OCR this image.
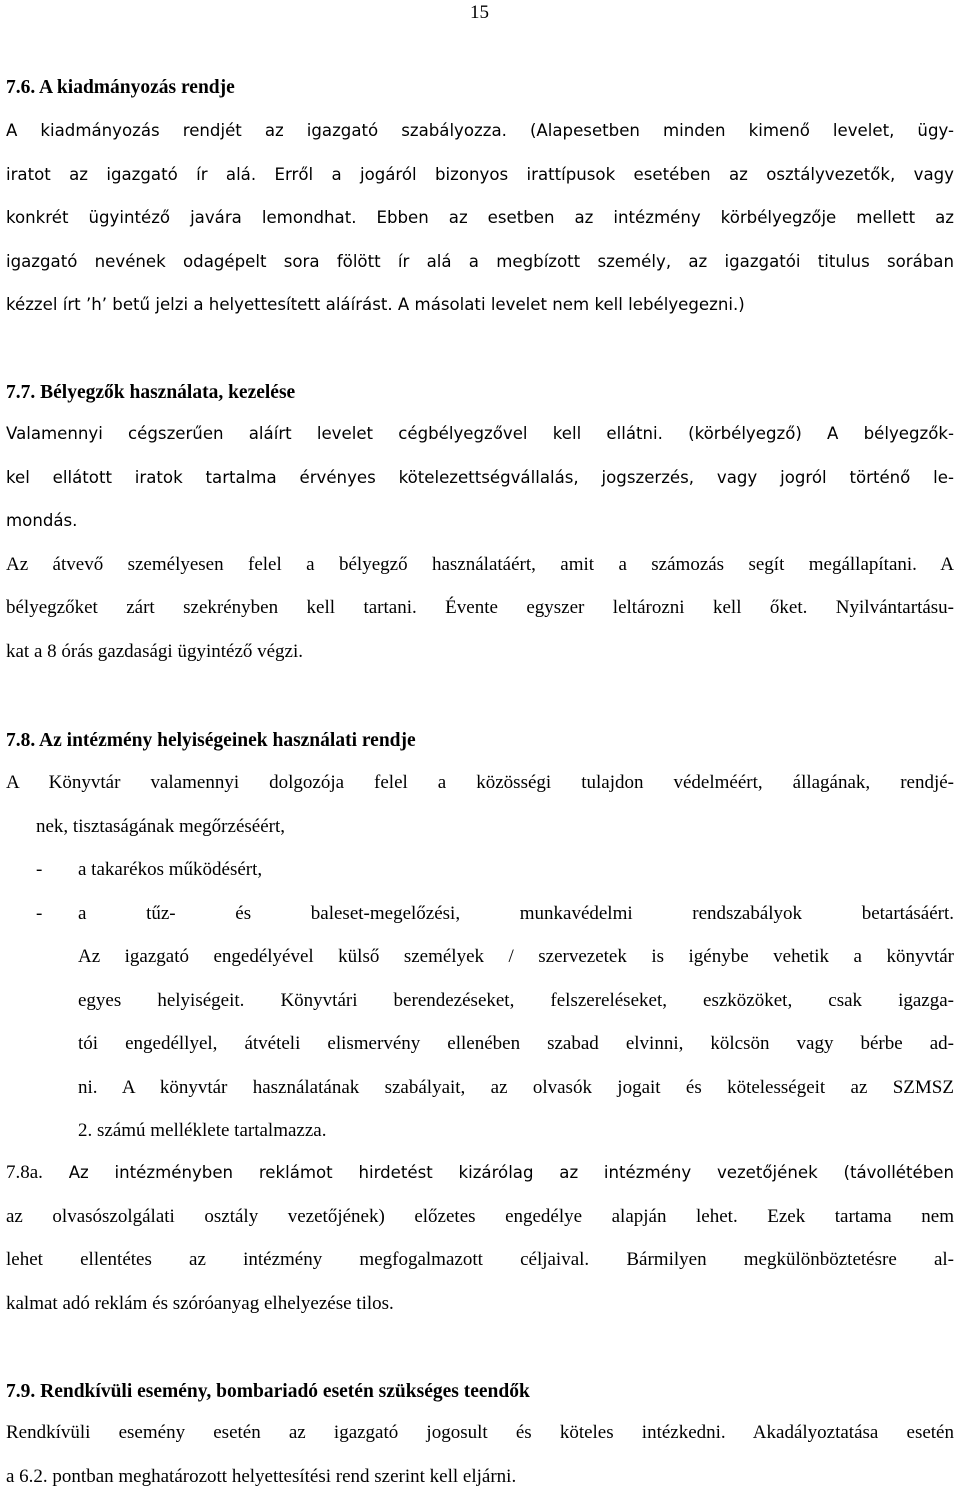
15
7.6. A kiadmányozás rendje
A kiadmányozás rendjét az igazgató szabályozza. (Alapesetben minden kimenő levelet, ügy-
iratot az igazgató ír alá. Erről a jogáról bizonyos irattípusok esetében az osztályvezetők, vagy
konkrét ügyintéző javára lemondhat. Ebben az esetben az intézmény körbélyegzője mellett az
igazgató nevének odagépelt sora fölött ír alá a megbízott személy, az igazgatói titulus sorában
kézzel írt ’h’ betű jelzi a helyettesített aláírást. A másolati levelet nem kell lebélyegezni.)
7.7. Bélyegzők használata, kezelése
Valamennyi cégszerűen aláírt levelet cégbélyegzővel kell ellátni. (körbélyegző) A bélyegzők-
kel ellátott iratok tartalma érvényes kötelezettségvállalás, jogszerzés, vagy jogról történő le-
mondás.
Az átvevő személyesen felel a bélyegző használatáért, amit a számozás segít megállapítani. A
bélyegzőket zárt szekrényben kell tartani. Évente egyszer leltározni kell őket. Nyilvántartásu-
kat a 8 órás gazdasági ügyintéző végzi.
7.8. Az intézmény helyiségeinek használati rendje
A Könyvtár valamennyi dolgozója felel a közösségi tulajdon védelméért, állagának, rendjé-
nek, tisztaságának megőrzéséért,
-	a takarékos működésért,
-	a tűz- és baleset-megelőzési, munkavédelmi rendszabályok betartásáért.
Az igazgató engedélyével külső személyek / szervezetek is igénybe vehetik a könyvtár
egyes helyiségeit. Könyvtári berendezéseket, felszereléseket, eszközöket, csak igazga-
tói engedéllyel, átvételi elismervény ellenében szabad elvinni, kölcsön vagy bérbe ad-
ni. A könyvtár használatának szabályait, az olvasók jogait és kötelességeit az SZMSZ
2. számú melléklete tartalmazza.
7.8a. Az intézményben reklámot hirdetést kizárólag az intézmény vezetőjének (távollétében
az olvasószolgálati osztály vezetőjének) előzetes engedélye alapján lehet. Ezek tartama nem
lehet ellentétes az intézmény megfogalmazott céljaival. Bármilyen megkülönböztetésre al-
kalmat adó reklám és szóróanyag elhelyezése tilos.
7.9. Rendkívüli esemény, bombariadó esetén szükséges teendők
Rendkívüli esemény esetén az igazgató jogosult és köteles intézkedni. Akadályoztatása esetén
a 6.2. pontban meghatározott helyettesítési rend szerint kell eljárni.
